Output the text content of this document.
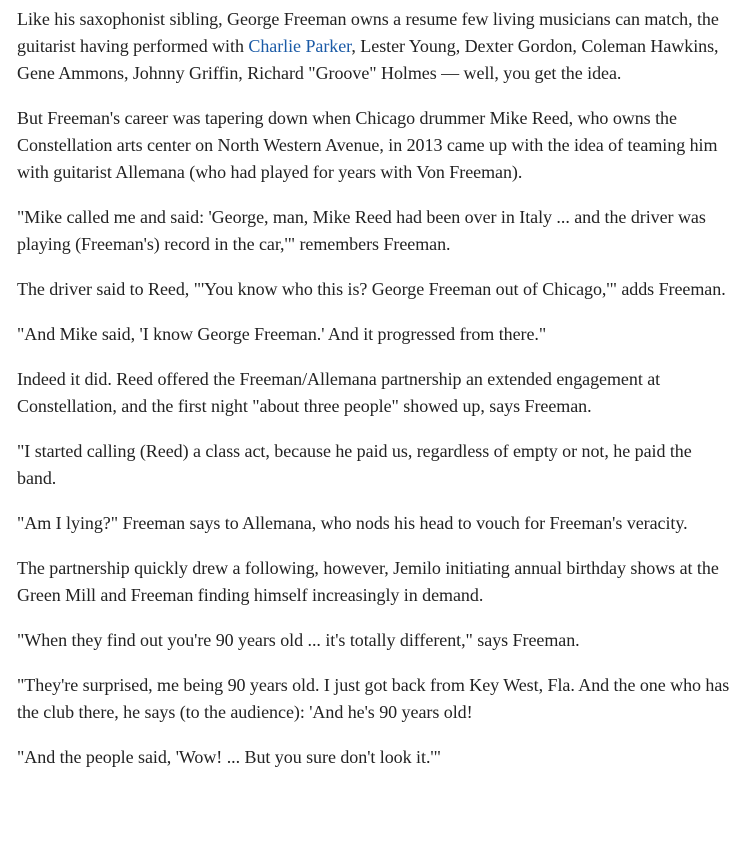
Like his saxophonist sibling, George Freeman owns a resume few living musicians can match, the guitarist having performed with Charlie Parker, Lester Young, Dexter Gordon, Coleman Hawkins, Gene Ammons, Johnny Griffin, Richard "Groove" Holmes — well, you get the idea.

But Freeman's career was tapering down when Chicago drummer Mike Reed, who owns the Constellation arts center on North Western Avenue, in 2013 came up with the idea of teaming him with guitarist Allemana (who had played for years with Von Freeman).

"Mike called me and said: 'George, man, Mike Reed had been over in Italy ... and the driver was playing (Freeman's) record in the car,'" remembers Freeman.

The driver said to Reed, "'You know who this is? George Freeman out of Chicago,'" adds Freeman.

"And Mike said, 'I know George Freeman.' And it progressed from there."

Indeed it did. Reed offered the Freeman/Allemana partnership an extended engagement at Constellation, and the first night "about three people" showed up, says Freeman.

"I started calling (Reed) a class act, because he paid us, regardless of empty or not, he paid the band.

"Am I lying?" Freeman says to Allemana, who nods his head to vouch for Freeman's veracity.

The partnership quickly drew a following, however, Jemilo initiating annual birthday shows at the Green Mill and Freeman finding himself increasingly in demand.

"When they find out you're 90 years old ... it's totally different," says Freeman.

"They're surprised, me being 90 years old. I just got back from Key West, Fla. And the one who has the club there, he says (to the audience): 'And he's 90 years old!

"And the people said, 'Wow! ... But you sure don't look it.'"
